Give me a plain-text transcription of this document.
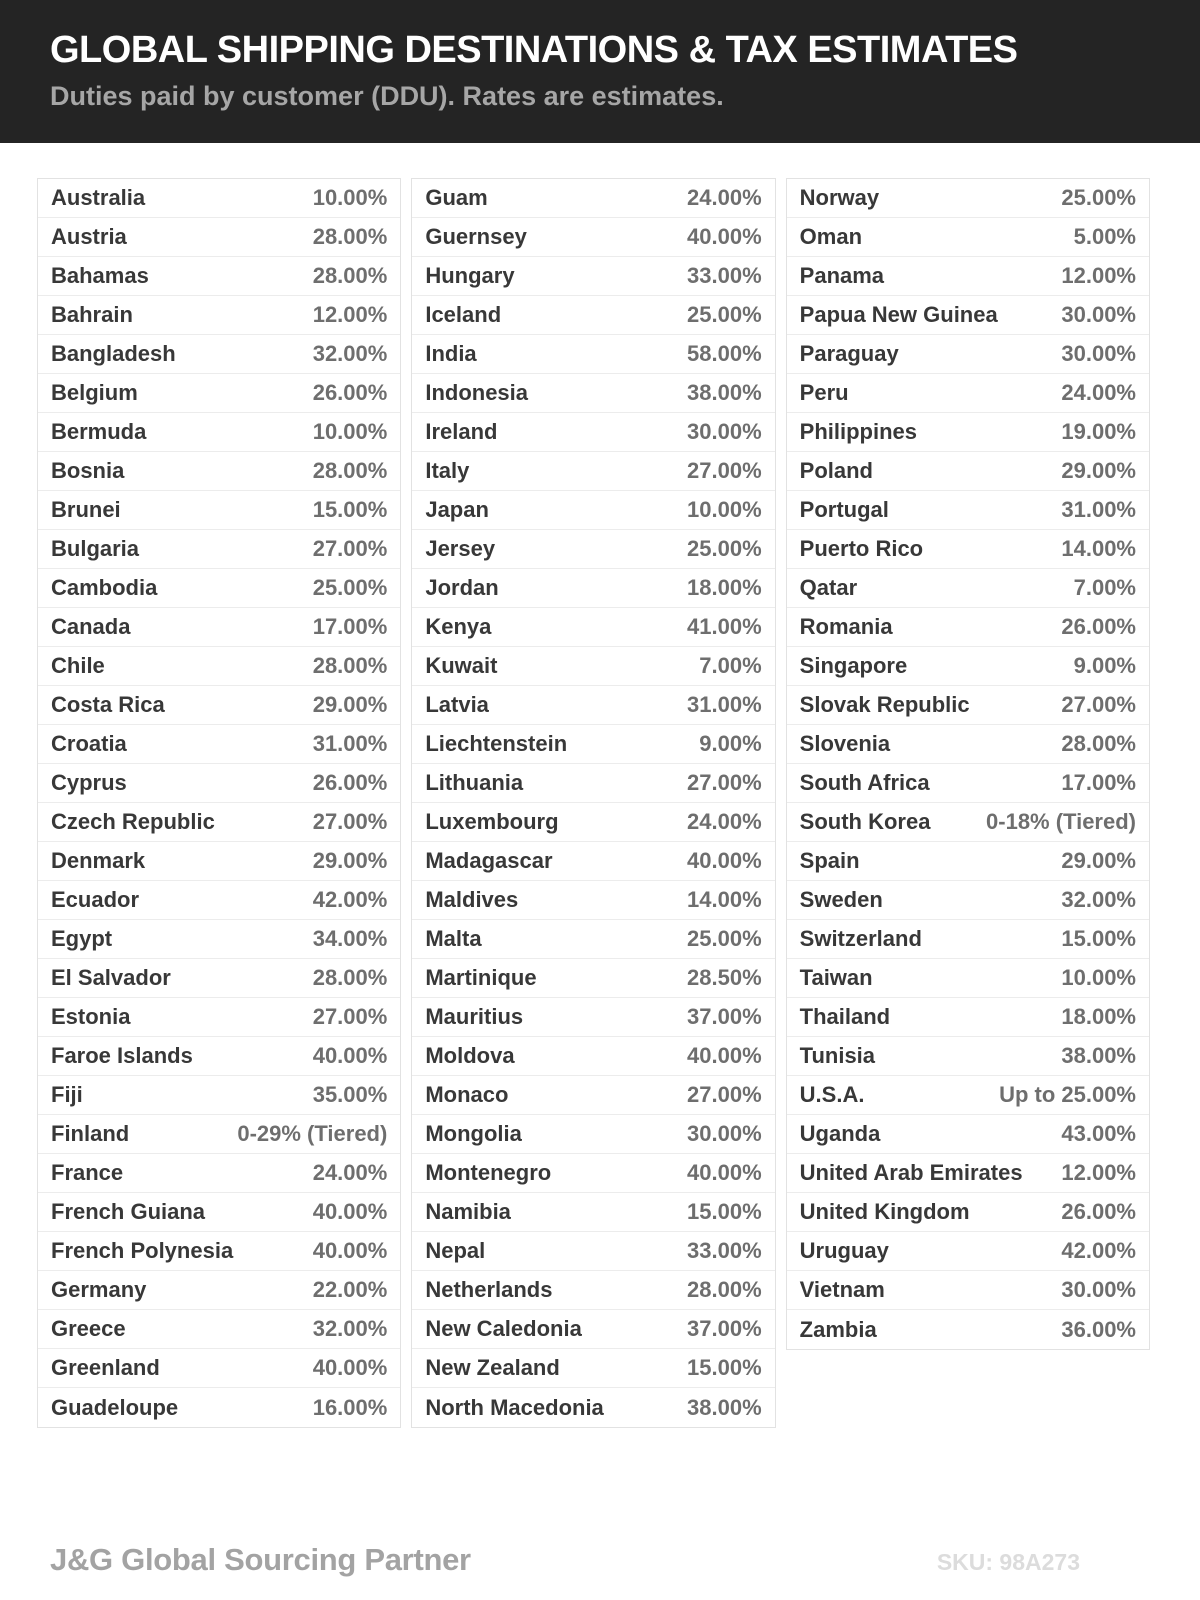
GLOBAL SHIPPING DESTINATIONS & TAX ESTIMATES
Duties paid by customer (DDU). Rates are estimates.
Australia	10.00%
Austria	28.00%
Bahamas	28.00%
Bahrain	12.00%
Bangladesh	32.00%
Belgium	26.00%
Bermuda	10.00%
Bosnia	28.00%
Brunei	15.00%
Bulgaria	27.00%
Cambodia	25.00%
Canada	17.00%
Chile	28.00%
Costa Rica	29.00%
Croatia	31.00%
Cyprus	26.00%
Czech Republic	27.00%
Denmark	29.00%
Ecuador	42.00%
Egypt	34.00%
El Salvador	28.00%
Estonia	27.00%
Faroe Islands	40.00%
Fiji	35.00%
Finland	0-29% (Tiered)
France	24.00%
French Guiana	40.00%
French Polynesia	40.00%
Germany	22.00%
Greece	32.00%
Greenland	40.00%
Guadeloupe	16.00%
Guam	24.00%
Guernsey	40.00%
Hungary	33.00%
Iceland	25.00%
India	58.00%
Indonesia	38.00%
Ireland	30.00%
Italy	27.00%
Japan	10.00%
Jersey	25.00%
Jordan	18.00%
Kenya	41.00%
Kuwait	7.00%
Latvia	31.00%
Liechtenstein	9.00%
Lithuania	27.00%
Luxembourg	24.00%
Madagascar	40.00%
Maldives	14.00%
Malta	25.00%
Martinique	28.50%
Mauritius	37.00%
Moldova	40.00%
Monaco	27.00%
Mongolia	30.00%
Montenegro	40.00%
Namibia	15.00%
Nepal	33.00%
Netherlands	28.00%
New Caledonia	37.00%
New Zealand	15.00%
North Macedonia	38.00%
Norway	25.00%
Oman	5.00%
Panama	12.00%
Papua New Guinea	30.00%
Paraguay	30.00%
Peru	24.00%
Philippines	19.00%
Poland	29.00%
Portugal	31.00%
Puerto Rico	14.00%
Qatar	7.00%
Romania	26.00%
Singapore	9.00%
Slovak Republic	27.00%
Slovenia	28.00%
South Africa	17.00%
South Korea	0-18% (Tiered)
Spain	29.00%
Sweden	32.00%
Switzerland	15.00%
Taiwan	10.00%
Thailand	18.00%
Tunisia	38.00%
U.S.A.	Up to 25.00%
Uganda	43.00%
United Arab Emirates 12.00%
United Kingdom	26.00%
Uruguay	42.00%
Vietnam	30.00%
Zambia	36.00%
J&G Global Sourcing Partner	SKU: 98A273
